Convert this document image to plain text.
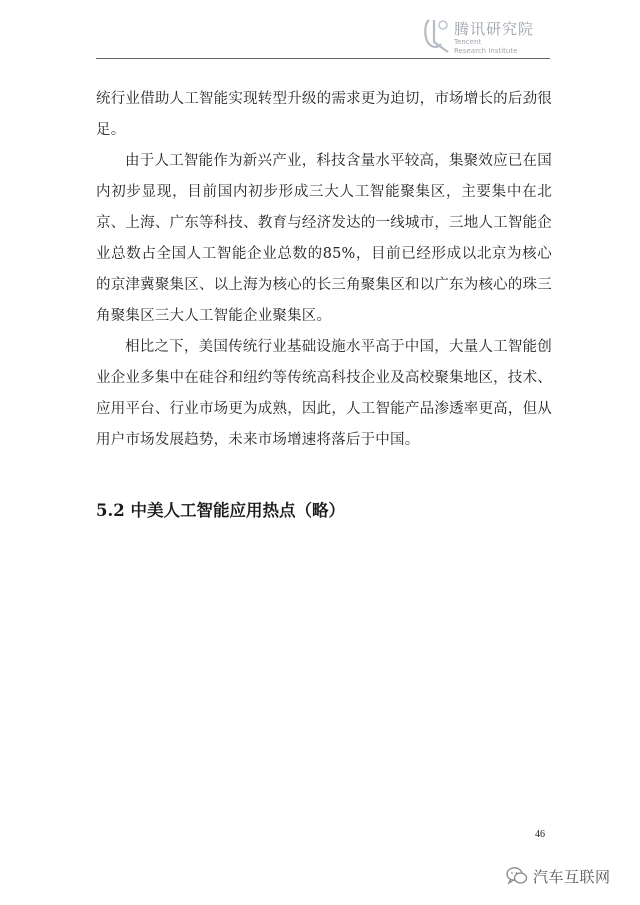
腾讯研究院
Tencent
Research Institute

统行业借助人工智能实现转型升级的需求更为迫切，市场增长的后劲很足。

由于人工智能作为新兴产业，科技含量水平较高，集聚效应已在国内初步显现，目前国内初步形成三大人工智能聚集区，主要集中在北京、上海、广东等科技、教育与经济发达的一线城市，三地人工智能企业总数占全国人工智能企业总数的85%，目前已经形成以北京为核心的京津冀聚集区、以上海为核心的长三角聚集区和以广东为核心的珠三角聚集区三大人工智能企业聚集区。

相比之下，美国传统行业基础设施水平高于中国，大量人工智能创业企业多集中在硅谷和纽约等传统高科技企业及高校聚集地区，技术、应用平台、行业市场更为成熟，因此，人工智能产品渗透率更高，但从用户市场发展趋势，未来市场增速将落后于中国。

5.2 中美人工智能应用热点（略）
46
汽车互联网
